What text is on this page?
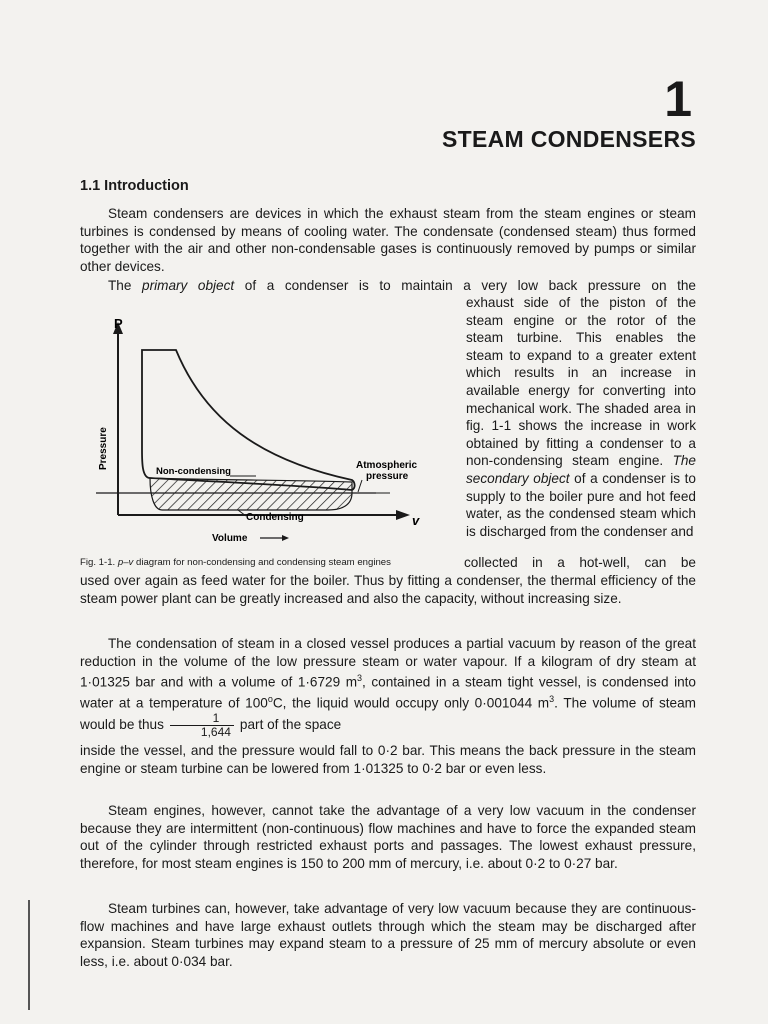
1
STEAM CONDENSERS
1.1 Introduction

Steam condensers are devices in which the exhaust steam from the steam engines or steam turbines is condensed by means of cooling water. The condensate (condensed steam) thus formed together with the air and other non-condensable gases is continuously removed by pumps or similar other devices.

The primary object of a condenser is to maintain a very low back pressure on the

exhaust side of the piston of the steam engine or the rotor of the steam turbine. This enables the steam to expand to a greater extent which results in an increase in available energy for converting into mechanical work. The shaded area in fig. 1-1 shows the increase in work obtained by fitting a condenser to a non-condensing steam engine. The secondary object of a condenser is to supply to the boiler pure and hot feed water, as the condensed steam which is discharged from the condenser and

P
Pressure
Non-condensing
Atmospheric
pressure
Condensing
Volume
v
Fig. 1-1. p–v diagram for non-condensing and condensing steam engines	collected in a hot-well, can be

used over again as feed water for the boiler. Thus by fitting a condenser, the thermal efficiency of the steam power plant can be greatly increased and also the capacity, without increasing size.

The condensation of steam in a closed vessel produces a partial vacuum by reason of the great reduction in the volume of the low pressure steam or water vapour. If a kilogram of dry steam at 1·01325 bar and with a volume of 1·6729 $m^3$, contained in a steam tight vessel, is condensed into water at a temperature of 100$^o$C, the liquid would occupy only 0·001044 $m^3$. The volume of steam would be thus $\frac{1}{1,644}$ part of the space

inside the vessel, and the pressure would fall to 0·2 bar. This means the back pressure in the steam engine or steam turbine can be lowered from 1·01325 to 0·2 bar or even less.

Steam engines, however, cannot take the advantage of a very low vacuum in the condenser because they are intermittent (non-continuous) flow machines and have to force the expanded steam out of the cylinder through restricted exhaust ports and passages. The lowest exhaust pressure, therefore, for most steam engines is 150 to 200 mm of mercury, i.e. about 0·2 to 0·27 bar.

Steam turbines can, however, take advantage of very low vacuum because they are continuous-flow machines and have large exhaust outlets through which the steam may be discharged after expansion. Steam turbines may expand steam to a pressure of 25 mm of mercury absolute or even less, i.e. about 0·034 bar.
